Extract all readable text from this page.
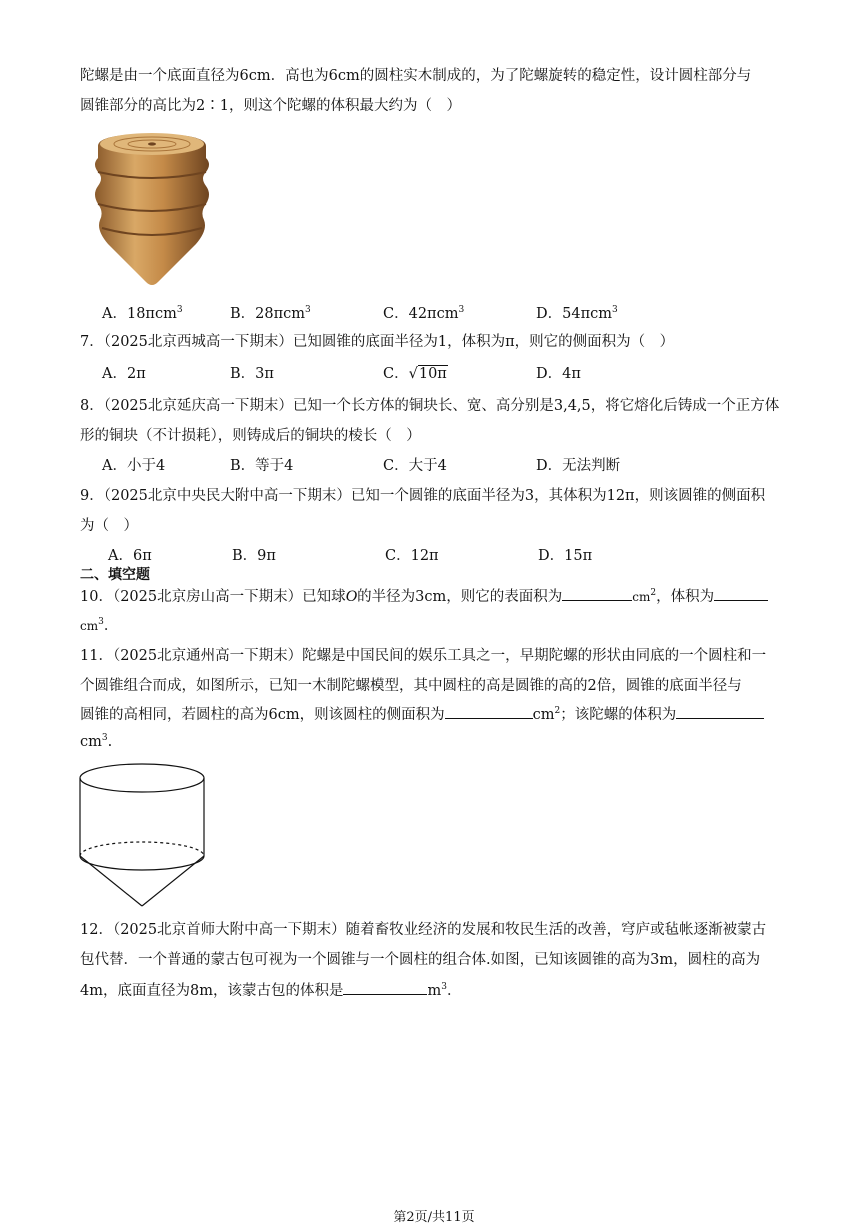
陀螺是由一个底面直径为6cm．高也为6cm的圆柱实木制成的，为了陀螺旋转的稳定性，设计圆柱部分与
圆锥部分的高比为2∶1，则这个陀螺的体积最大约为（　）
A．18πcm$^3$	B．28πcm$^3$	C．42πcm$^3$	D．54πcm$^3$
7．（2025北京西城高一下期末）已知圆锥的底面半径为1，体积为π，则它的侧面积为（　）
A．2π	B．3π	C．√10π	D．4π
8．（2025北京延庆高一下期末）已知一个长方体的铜块长、宽、高分别是3,4,5，将它熔化后铸成一个正方体
形的铜块（不计损耗），则铸成后的铜块的棱长（　）
A．小于4	B．等于4	C．大于4	D．无法判断
9．（2025北京中央民大附中高一下期末）已知一个圆锥的底面半径为3，其体积为12π，则该圆锥的侧面积
为（　）
A．6π	B．9π	C．12π	D．15π
二、填空题
10．（2025北京房山高一下期末）已知球O的半径为3cm，则它的表面积为	$cm^2$，体积为
$cm^3$．
11．（2025北京通州高一下期末）陀螺是中国民间的娱乐工具之一，早期陀螺的形状由同底的一个圆柱和一
个圆锥组合而成，如图所示，已知一木制陀螺模型，其中圆柱的高是圆锥的高的2倍，圆锥的底面半径与
圆锥的高相同，若圆柱的高为6cm，则该圆柱的侧面积为	$cm^2$；该陀螺的体积为
$cm^3$.
12．（2025北京首师大附中高一下期末）随着畜牧业经济的发展和牧民生活的改善，穹庐或毡帐逐渐被蒙古
包代替．一个普通的蒙古包可视为一个圆锥与一个圆柱的组合体.如图，已知该圆锥的高为3m，圆柱的高为
4m，底面直径为8m，该蒙古包的体积是	$m^3$．
第2页/共11页
